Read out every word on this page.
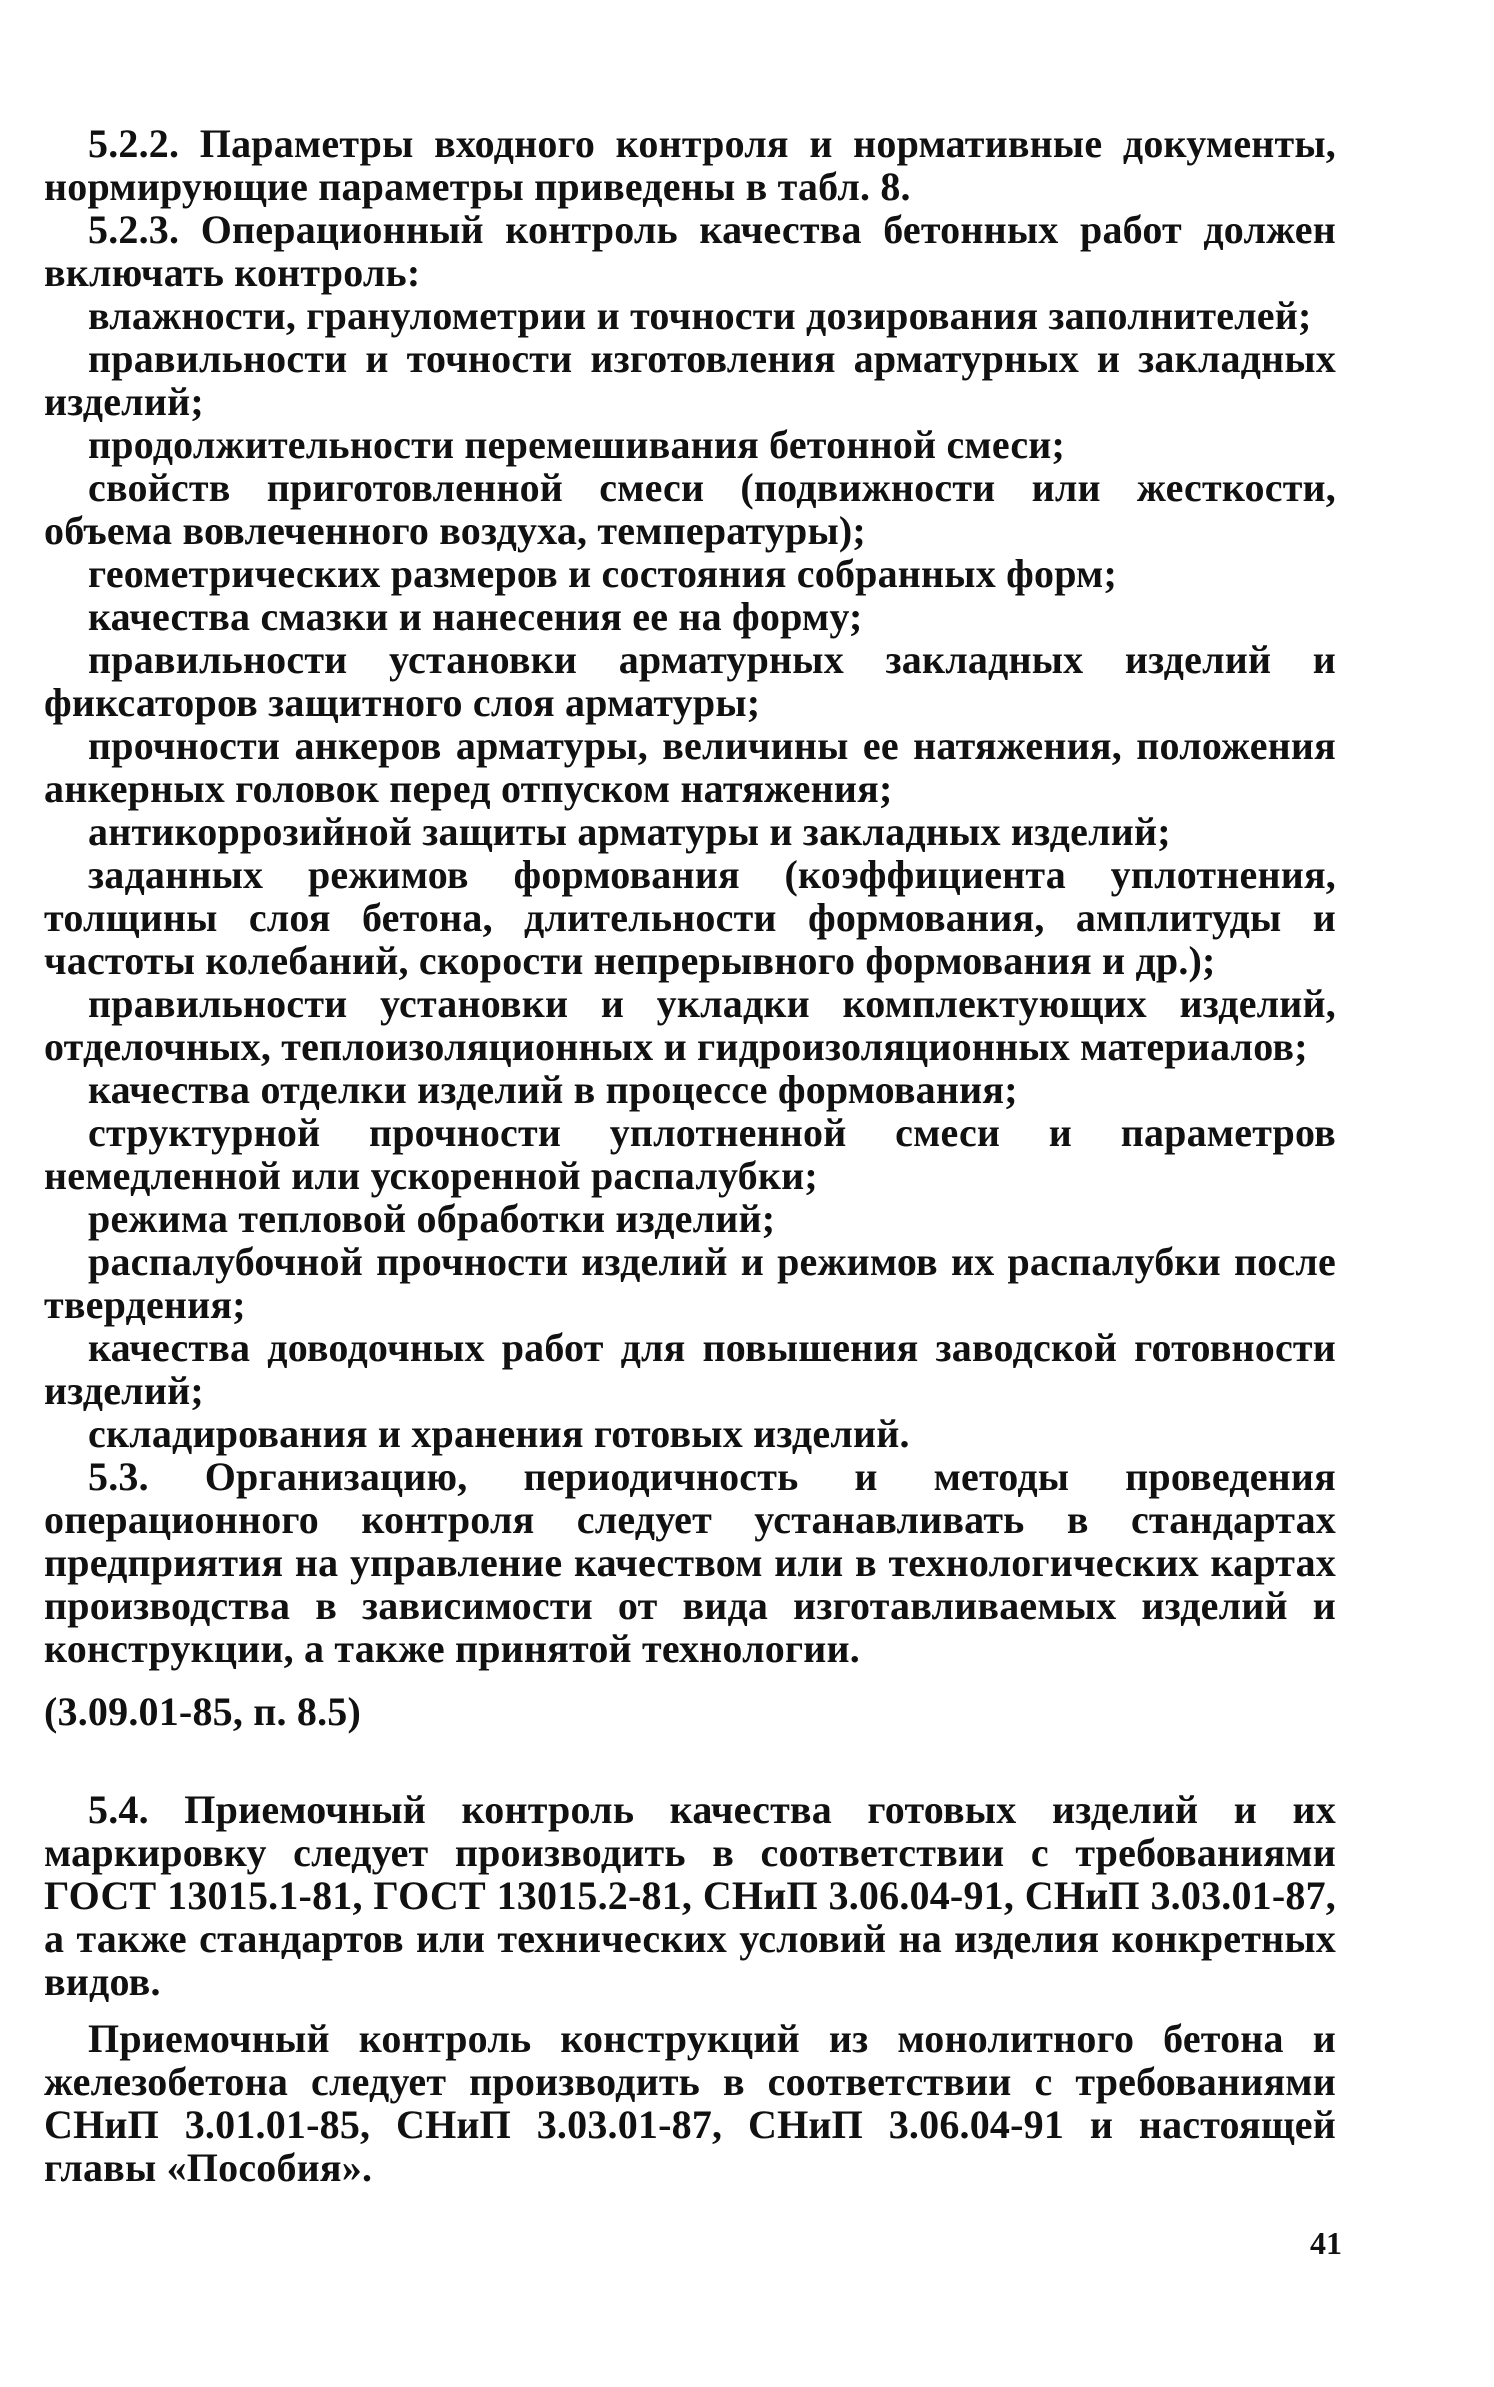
5.2.2. Параметры входного контроля и нормативные документы, нормирующие параметры приведены в табл. 8.

5.2.3. Операционный контроль качества бетонных работ должен включать контроль:

влажности, гранулометрии и точности дозирования заполнителей;

правильности и точности изготовления арматурных и закладных изделий;

продолжительности перемешивания бетонной смеси;

свойств приготовленной смеси (подвижности или жесткости, объема вовлеченного воздуха, температуры);

геометрических размеров и состояния собранных форм;

качества смазки и нанесения ее на форму;

правильности установки арматурных закладных изделий и фиксаторов защитного слоя арматуры;

прочности анкеров арматуры, величины ее натяжения, положения анкерных головок перед отпуском натяжения;

антикоррозийной защиты арматуры и закладных изделий;

заданных режимов формования (коэффициента уплотнения, толщины слоя бетона, длительности формования, амплитуды и частоты колебаний, скорости непрерывного формования и др.);

правильности установки и укладки комплектующих изделий, отделочных, теплоизоляционных и гидроизоляционных материалов;

качества отделки изделий в процессе формования;

структурной прочности уплотненной смеси и параметров немедленной или ускоренной распалубки;

режима тепловой обработки изделий;

распалубочной прочности изделий и режимов их распалубки после твердения;

качества доводочных работ для повышения заводской готовности изделий;

складирования и хранения готовых изделий.

5.3. Организацию, периодичность и методы проведения операционного контроля следует устанавливать в стандартах предприятия на управление качеством или в технологических картах производства в зависимости от вида изготавливаемых изделий и конструкции, а также принятой технологии.

(3.09.01-85, п. 8.5)

5.4. Приемочный контроль качества готовых изделий и их маркировку следует производить в соответствии с требованиями ГОСТ 13015.1-81, ГОСТ 13015.2-81, СНиП 3.06.04-91, СНиП 3.03.01-87, а также стандартов или технических условий на изделия конкретных видов.

Приемочный контроль конструкций из монолитного бетона и железобетона следует производить в соответствии с требованиями СНиП 3.01.01-85, СНиП 3.03.01-87, СНиП 3.06.04-91 и настоящей главы «Пособия».

41
